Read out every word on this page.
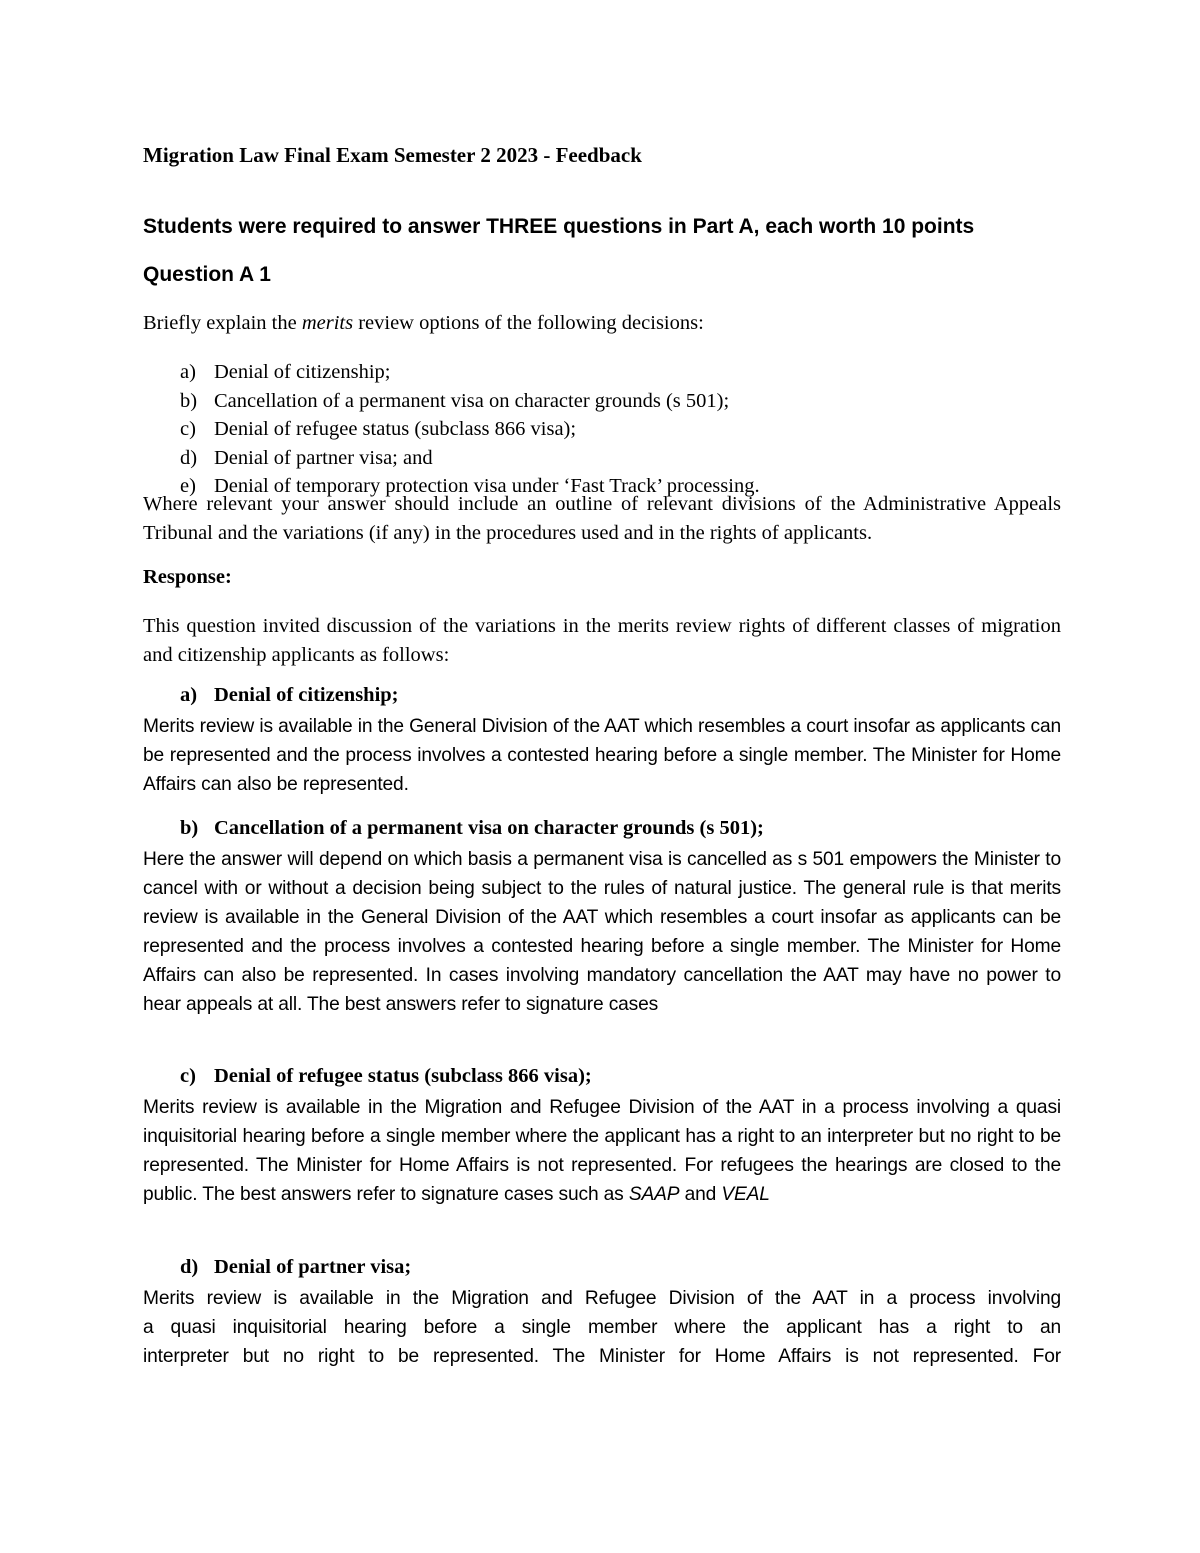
Migration Law Final Exam Semester 2 2023 - Feedback

Students were required to answer THREE questions in Part A, each worth 10 points

Question A 1

Briefly explain the merits review options of the following decisions:

a) Denial of citizenship;
b) Cancellation of a permanent visa on character grounds (s 501);
c) Denial of refugee status (subclass 866 visa);
d) Denial of partner visa; and
e) Denial of temporary protection visa under ‘Fast Track’ processing.

Where relevant your answer should include an outline of relevant divisions of the Administrative Appeals Tribunal and the variations (if any) in the procedures used and in the rights of applicants.

Response:

This question invited discussion of the variations in the merits review rights of different classes of migration and citizenship applicants as follows:

a) Denial of citizenship;

Merits review is available in the General Division of the AAT which resembles a court insofar as applicants can be represented and the process involves a contested hearing before a single member. The Minister for Home Affairs can also be represented.

b) Cancellation of a permanent visa on character grounds (s 501);

Here the answer will depend on which basis a permanent visa is cancelled as s 501 empowers the Minister to cancel with or without a decision being subject to the rules of natural justice. The general rule is that merits review is available in the General Division of the AAT which resembles a court insofar as applicants can be represented and the process involves a contested hearing before a single member. The Minister for Home Affairs can also be represented. In cases involving mandatory cancellation the AAT may have no power to hear appeals at all. The best answers refer to signature cases

c) Denial of refugee status (subclass 866 visa);

Merits review is available in the Migration and Refugee Division of the AAT in a process involving a quasi inquisitorial hearing before a single member where the applicant has a right to an interpreter but no right to be represented. The Minister for Home Affairs is not represented. For refugees the hearings are closed to the public. The best answers refer to signature cases such as SAAP and VEAL

d) Denial of partner visa;

Merits review is available in the Migration and Refugee Division of the AAT in a process involving
a quasi inquisitorial hearing before a single member where the applicant has a right to an
interpreter but no right to be represented. The Minister for Home Affairs is not represented. For
